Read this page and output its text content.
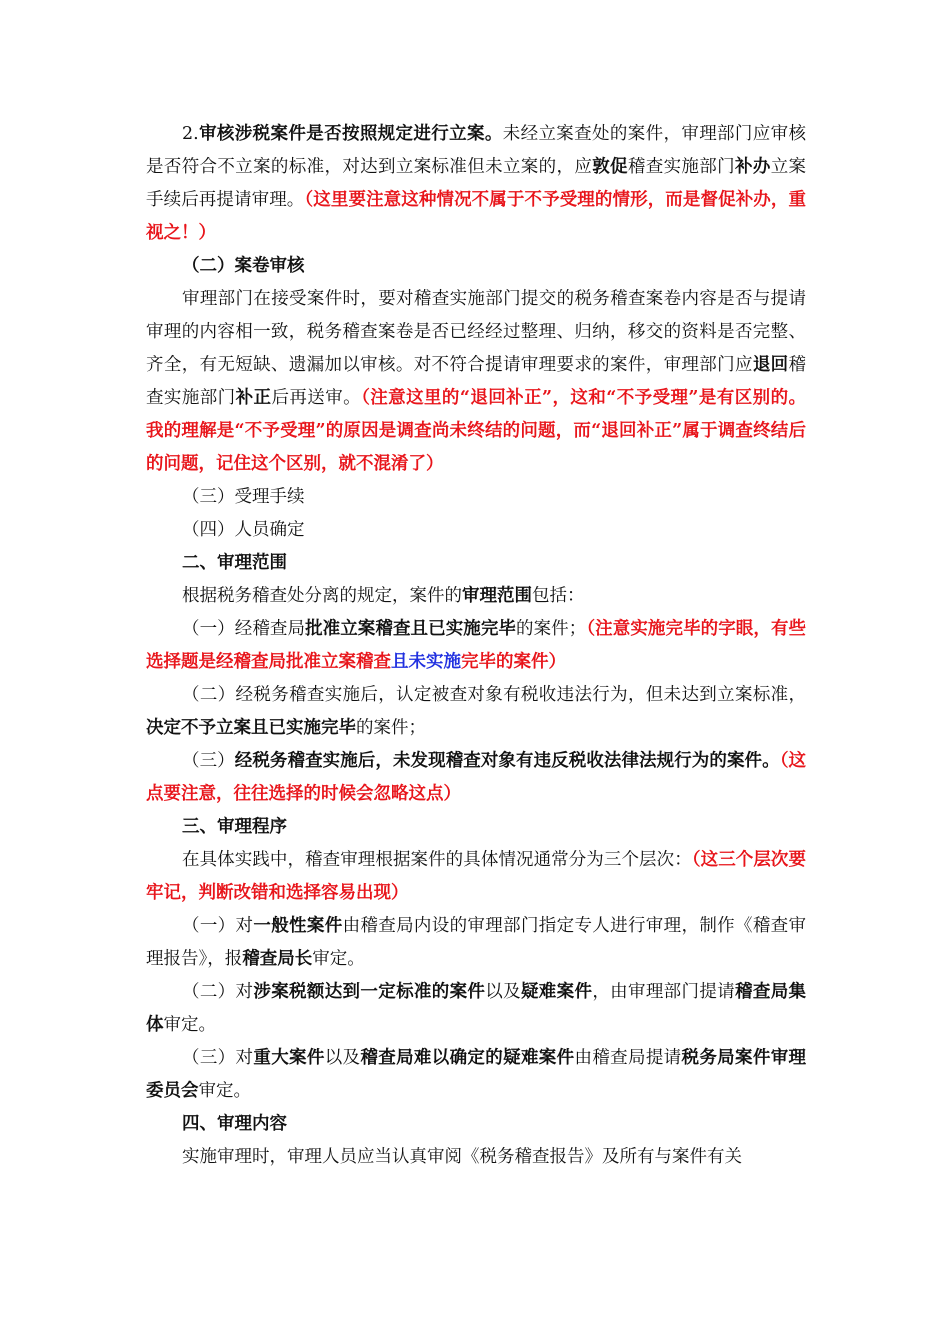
2.审核涉税案件是否按照规定进行立案。未经立案查处的案件，审理部门应审核是否符合不立案的标准，对达到立案标准但未立案的，应敦促稽查实施部门补办立案手续后再提请审理。（这里要注意这种情况不属于不予受理的情形，而是督促补办，重视之！）

（二）案卷审核

审理部门在接受案件时，要对稽查实施部门提交的税务稽查案卷内容是否与提请审理的内容相一致，税务稽查案卷是否已经经过整理、归纳，移交的资料是否完整、齐全，有无短缺、遗漏加以审核。对不符合提请审理要求的案件，审理部门应退回稽查实施部门补正后再送审。（注意这里的“退回补正”，这和“不予受理”是有区别的。我的理解是“不予受理”的原因是调查尚未终结的问题，而“退回补正”属于调查终结后的问题，记住这个区别，就不混淆了）

（三）受理手续

（四）人员确定

二、审理范围

根据税务稽查处分离的规定，案件的审理范围包括：

（一）经稽查局批准立案稽查且已实施完毕的案件；（注意实施完毕的字眼，有些选择题是经稽查局批准立案稽查且未实施完毕的案件）

（二）经税务稽查实施后，认定被查对象有税收违法行为，但未达到立案标准，决定不予立案且已实施完毕的案件；

（三）经税务稽查实施后，未发现稽查对象有违反税收法律法规行为的案件。（这点要注意，往往选择的时候会忽略这点）

三、审理程序

在具体实践中，稽查审理根据案件的具体情况通常分为三个层次：（这三个层次要牢记，判断改错和选择容易出现）

（一）对一般性案件由稽查局内设的审理部门指定专人进行审理，制作《稽查审理报告》，报稽查局长审定。

（二）对涉案税额达到一定标准的案件以及疑难案件，由审理部门提请稽查局集体审定。

（三）对重大案件以及稽查局难以确定的疑难案件由稽查局提请税务局案件审理委员会审定。

四、审理内容

实施审理时，审理人员应当认真审阅《税务稽查报告》及所有与案件有关
